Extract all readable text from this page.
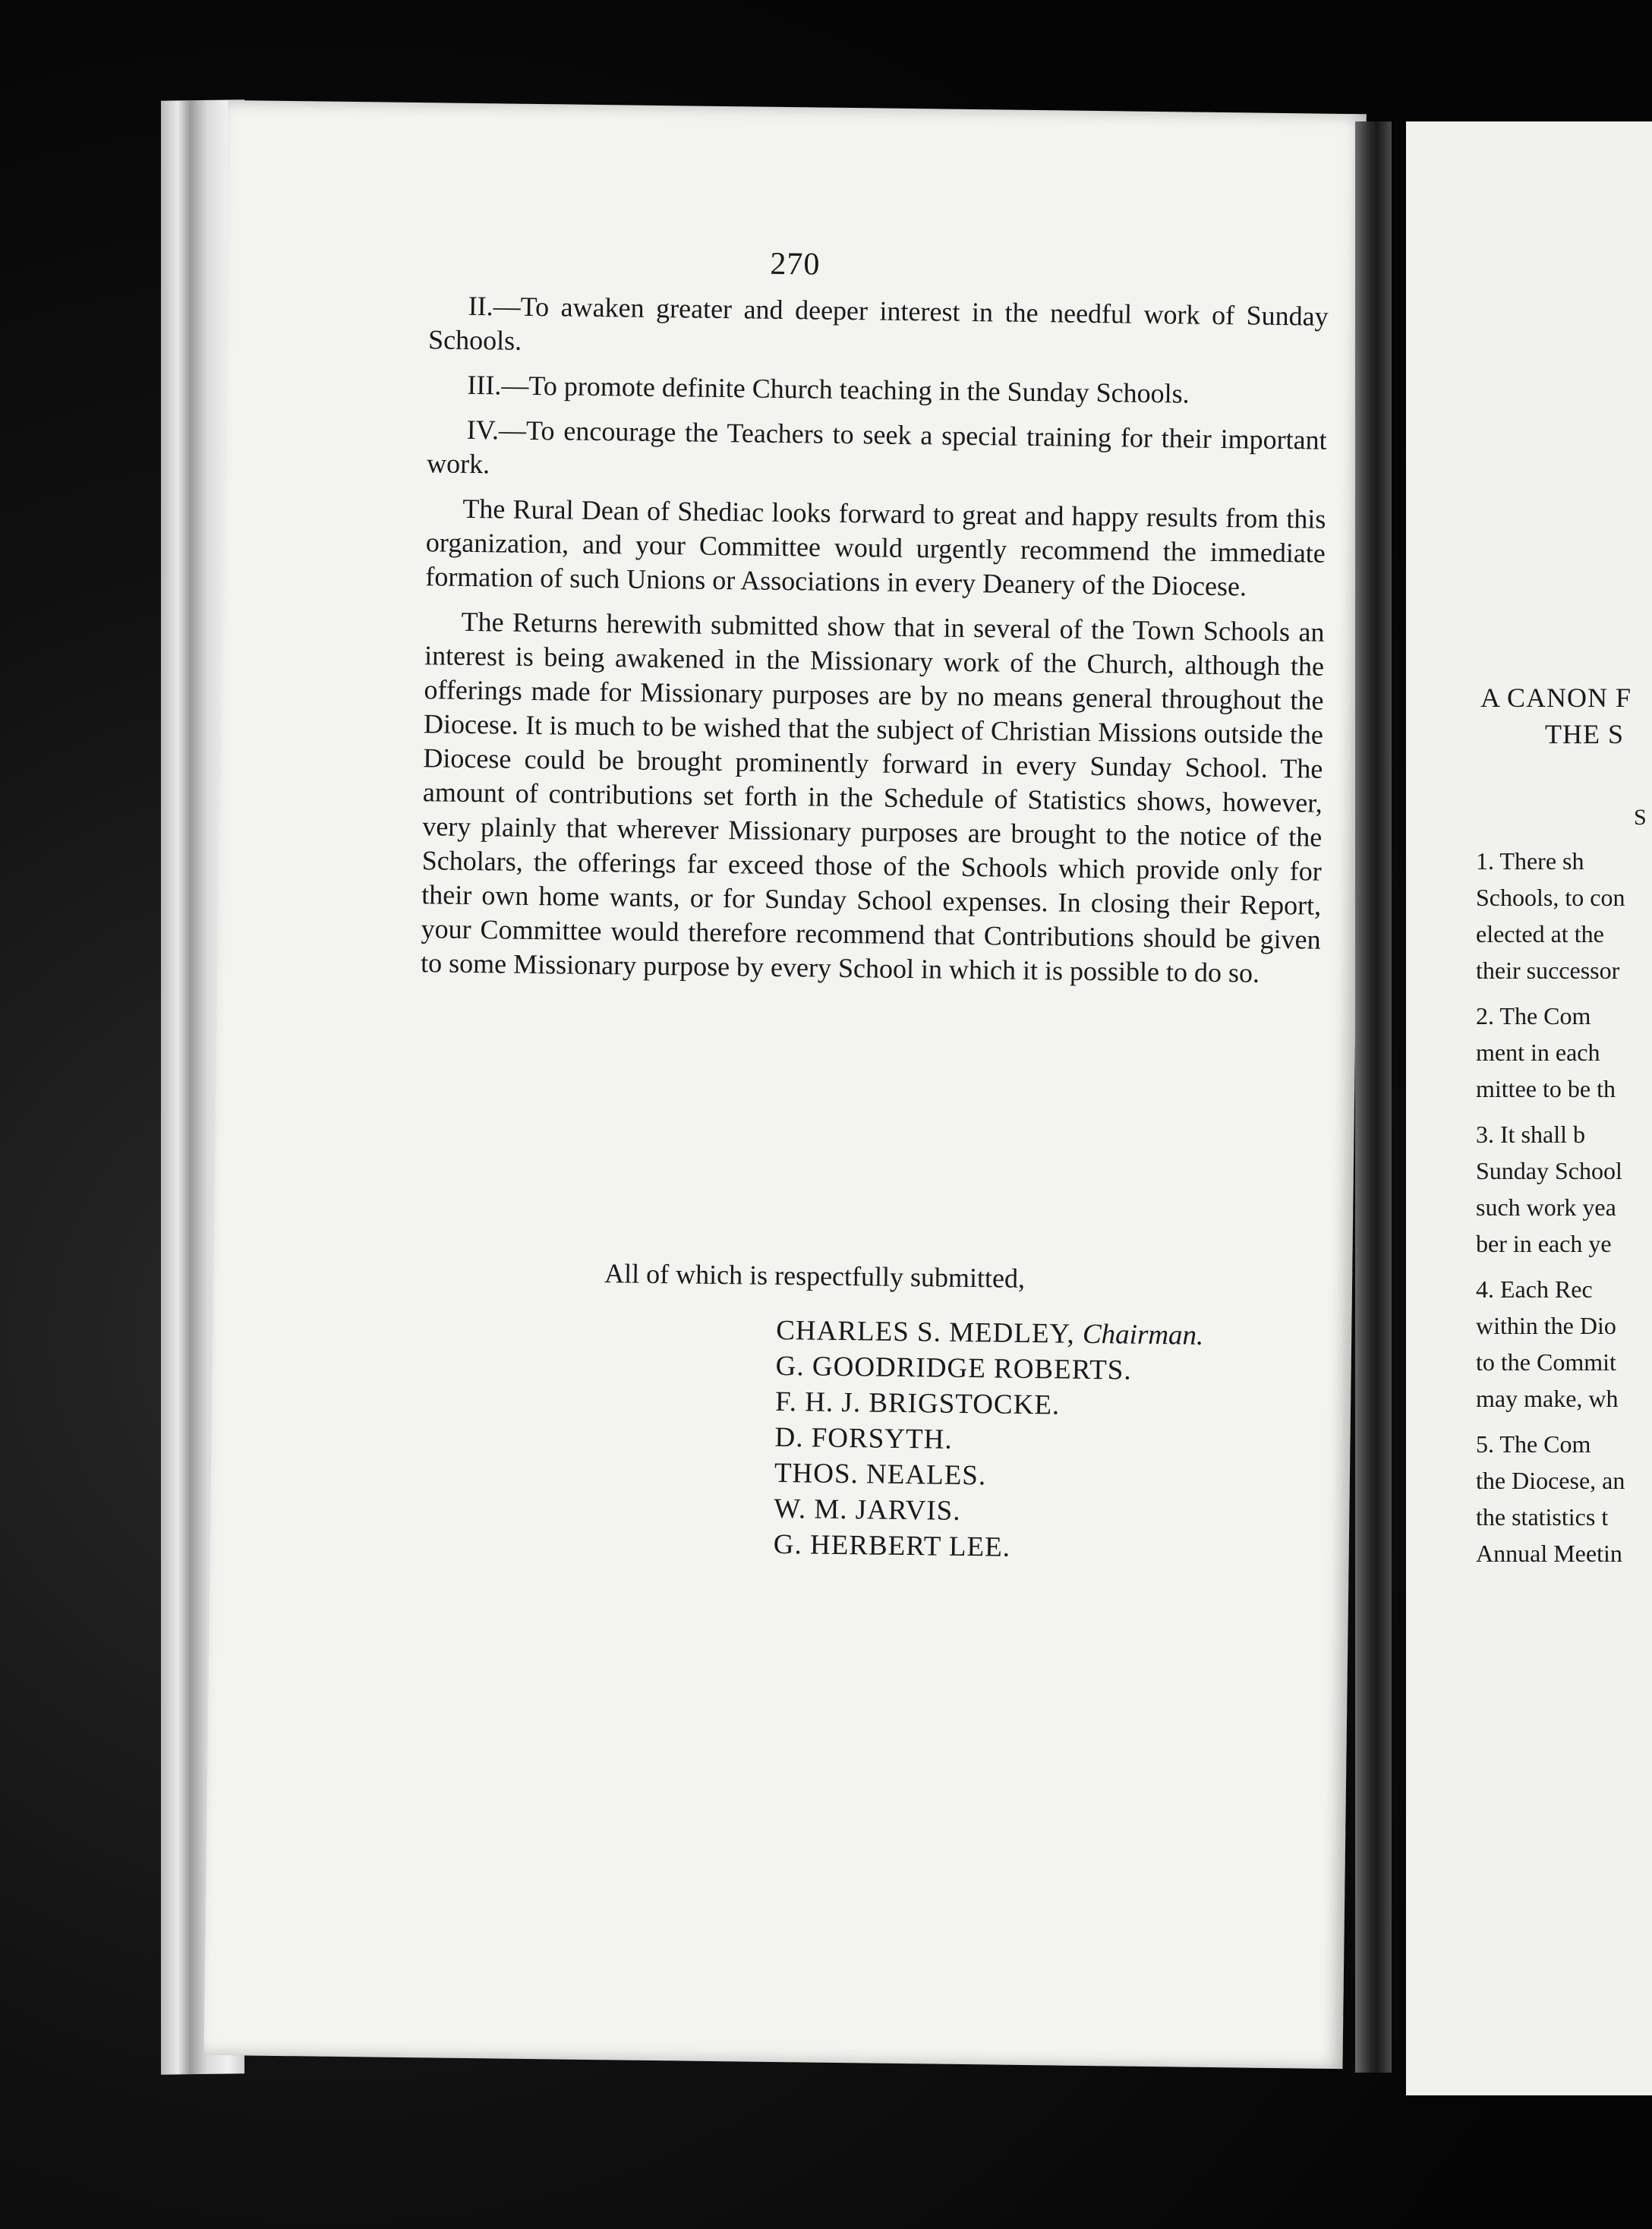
270

II.—To awaken greater and deeper interest in the needful work of Sunday Schools.

III.—To promote definite Church teaching in the Sunday Schools.

IV.—To encourage the Teachers to seek a special training for their important work.

The Rural Dean of Shediac looks forward to great and happy results from this organization, and your Committee would urgently recommend the immediate formation of such Unions or Associations in every Deanery of the Diocese.

The Returns herewith submitted show that in several of the Town Schools an interest is being awakened in the Missionary work of the Church, although the offerings made for Missionary purposes are by no means general throughout the Diocese. It is much to be wished that the subject of Christian Missions outside the Diocese could be brought prominently forward in every Sunday School. The amount of contributions set forth in the Schedule of Statistics shows, however, very plainly that wherever Missionary purposes are brought to the notice of the Scholars, the offerings far exceed those of the Schools which provide only for their own home wants, or for Sunday School expenses. In closing their Report, your Committee would therefore recommend that Contributions should be given to some Missionary purpose by every School in which it is possible to do so.

All of which is respectfully submitted,
CHARLES S. MEDLEY, Chairman.
G. GOODRIDGE ROBERTS.
F. H. J. BRIGSTOCKE.
D. FORSYTH.
THOS. NEALES.
W. M. JARVIS.
G. HERBERT LEE.
A CANON F
THE S
S
1. There sh
Schools, to con
elected at the
their successor
2. The Com
ment in each
mittee to be th
3. It shall b
Sunday School
such work yea
ber in each ye
4. Each Rec
within the Dio
to the Commit
may make, wh
5. The Com
the Diocese, an
the statistics t
Annual Meetin
